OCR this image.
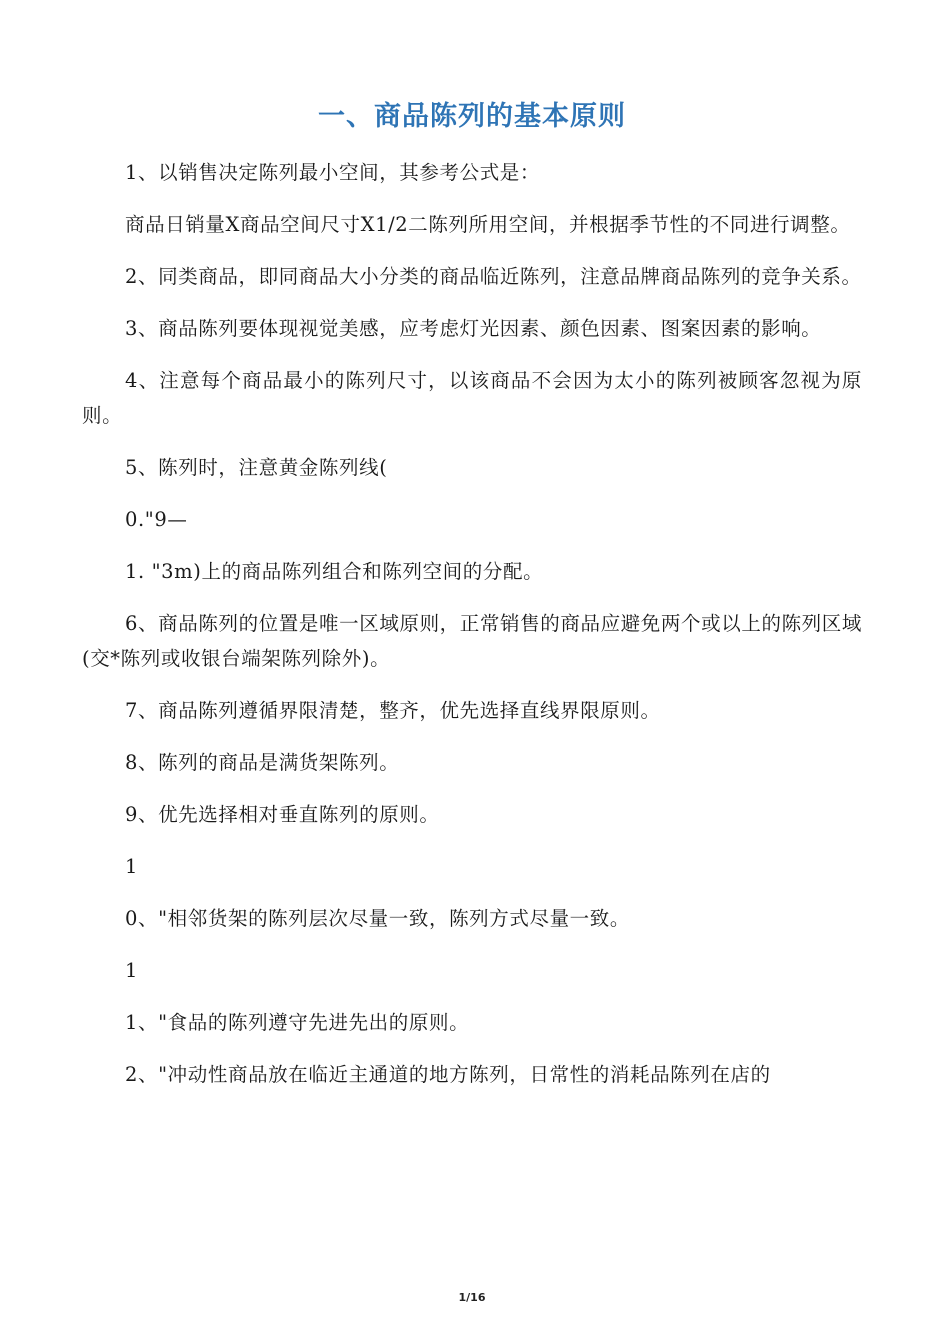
一、商品陈列的基本原则

1、以销售决定陈列最小空间，其参考公式是：

商品日销量X商品空间尺寸X1/2二陈列所用空间，并根据季节性的不同进行调整。

2、同类商品，即同商品大小分类的商品临近陈列，注意品牌商品陈列的竞争关系。

3、商品陈列要体现视觉美感，应考虑灯光因素、颜色因素、图案因素的影响。

4、注意每个商品最小的陈列尺寸，以该商品不会因为太小的陈列被顾客忽视为原则。

5、陈列时，注意黄金陈列线(

0."9—

1. "3m)上的商品陈列组合和陈列空间的分配。

6、商品陈列的位置是唯一区域原则，正常销售的商品应避免两个或以上的陈列区域(交*陈列或收银台端架陈列除外)。

7、商品陈列遵循界限清楚，整齐，优先选择直线界限原则。

8、陈列的商品是满货架陈列。

9、优先选择相对垂直陈列的原则。

1

0、"相邻货架的陈列层次尽量一致，陈列方式尽量一致。

1

1、"食品的陈列遵守先进先出的原则。

2、"冲动性商品放在临近主通道的地方陈列，日常性的消耗品陈列在店的

1/16
